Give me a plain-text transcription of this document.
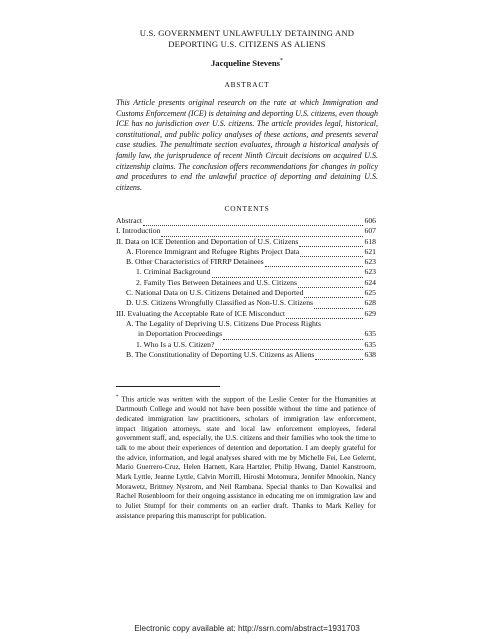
U.S. GOVERNMENT UNLAWFULLY DETAINING AND
DEPORTING U.S. CITIZENS AS ALIENS
Jacqueline Stevens*
ABSTRACT
This Article presents original research on the rate at which Immigration and Customs Enforcement (ICE) is detaining and deporting U.S. citizens, even though ICE has no jurisdiction over U.S. citizens. The article provides legal, historical, constitutional, and public policy analyses of these actions, and presents several case studies. The penultimate section evaluates, through a historical analysis of family law, the jurisprudence of recent Ninth Circuit decisions on acquired U.S. citizenship claims. The conclusion offers recommendations for changes in policy and procedures to end the unlawful practice of deporting and detaining U.S. citizens.
CONTENTS
Abstract	606
I. Introduction	607
II. Data on ICE Detention and Deportation of U.S. Citizens	618
A. Florence Immigrant and Refugee Rights Project Data	621
B. Other Characteristics of FIRRP Detainees	623
1. Criminal Background	623
2. Family Ties Between Detainees and U.S. Citizens	624
C. National Data on U.S. Citizens Detained and Deported	625
D. U.S. Citizens Wrongfully Classified as Non-U.S. Citizens	628
III. Evaluating the Acceptable Rate of ICE Misconduct	629
A. The Legality of Depriving U.S. Citizens Due Process Rights
in Deportation Proceedings	635
1. Who Is a U.S. Citizen?	635
B. The Constitutionality of Deporting U.S. Citizens as Aliens	638
* This article was written with the support of the Leslie Center for the Humanities at Dartmouth College and would not have been possible without the time and patience of dedicated immigration law practitioners, scholars of immigration law enforcement, impact litigation attorneys, state and local law enforcement employees, federal government staff, and, especially, the U.S. citizens and their families who took the time to talk to me about their experiences of detention and deportation. I am deeply grateful for the advice, information, and legal analyses shared with me by Michelle Fei, Lee Gelernt, Mario Guerrero-Cruz, Helen Harnett, Kara Hartzler, Philip Hwang, Daniel Kanstroom, Mark Lyttle, Jeanne Lyttle, Calvin Morrill, Hiroshi Motomura, Jennifer Mnookin, Nancy Morawetz, Brittney Nystrom, and Neil Rambana. Special thanks to Dan Kowalksi and Rachel Rosenbloom for their ongoing assistance in educating me on immigration law and to Juliet Stumpf for their comments on an earlier draft. Thanks to Mark Kelley for assistance preparing this manuscript for publication.
Electronic copy available at: http://ssrn.com/abstract=1931703
